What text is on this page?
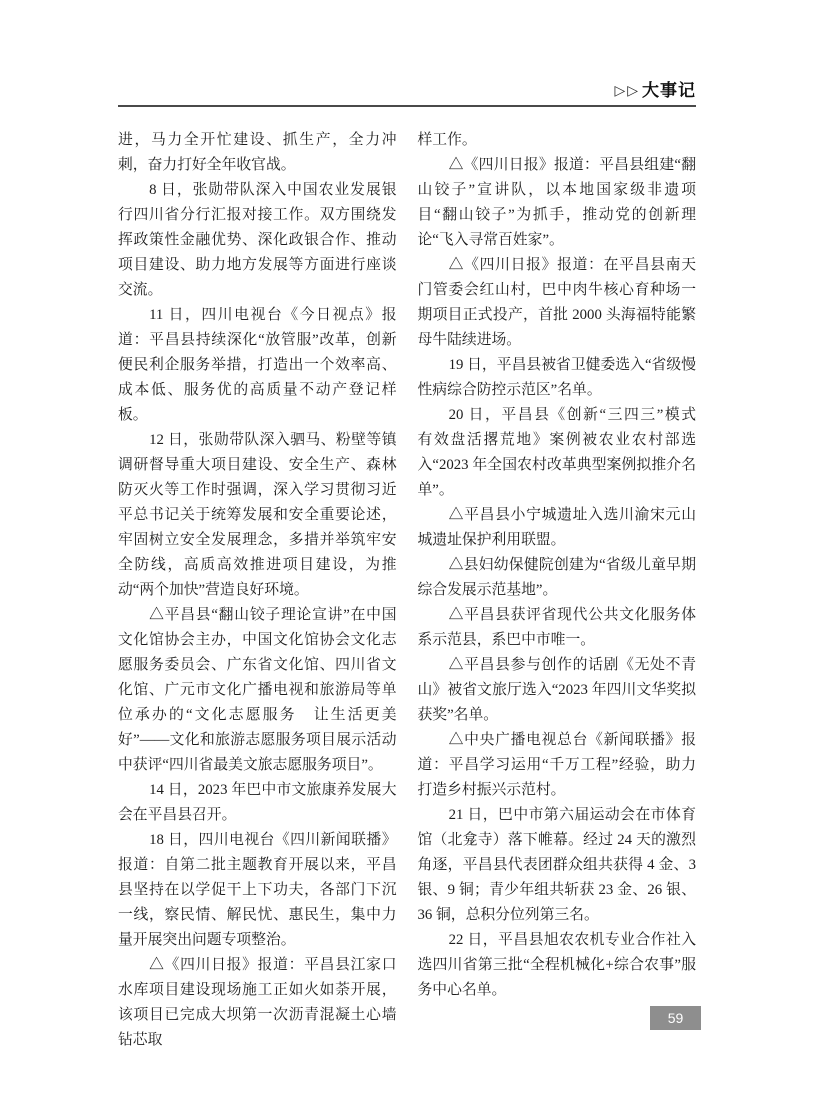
▷▷ 大事记

进，马力全开忙建设、抓生产，全力冲刺，奋力打好全年收官战。

8 日，张勋带队深入中国农业发展银行四川省分行汇报对接工作。双方围绕发挥政策性金融优势、深化政银合作、推动项目建设、助力地方发展等方面进行座谈交流。

11 日，四川电视台《今日视点》报道：平昌县持续深化“放管服”改革，创新便民利企服务举措，打造出一个效率高、成本低、服务优的高质量不动产登记样板。

12 日，张勋带队深入驷马、粉壁等镇调研督导重大项目建设、安全生产、森林防灭火等工作时强调，深入学习贯彻习近平总书记关于统筹发展和安全重要论述，牢固树立安全发展理念，多措并举筑牢安全防线，高质高效推进项目建设，为推动“两个加快”营造良好环境。

△平昌县“翻山铰子理论宣讲”在中国文化馆协会主办，中国文化馆协会文化志愿服务委员会、广东省文化馆、四川省文化馆、广元市文化广播电视和旅游局等单位承办的“文化志愿服务　让生活更美好”——文化和旅游志愿服务项目展示活动中获评“四川省最美文旅志愿服务项目”。

14 日，2023 年巴中市文旅康养发展大会在平昌县召开。

18 日，四川电视台《四川新闻联播》报道：自第二批主题教育开展以来，平昌县坚持在以学促干上下功夫，各部门下沉一线，察民情、解民忧、惠民生，集中力量开展突出问题专项整治。

△《四川日报》报道：平昌县江家口水库项目建设现场施工正如火如荼开展，该项目已完成大坝第一次沥青混凝土心墙钻芯取

样工作。

△《四川日报》报道：平昌县组建“翻山铰子”宣讲队，以本地国家级非遗项目“翻山铰子”为抓手，推动党的创新理论“飞入寻常百姓家”。

△《四川日报》报道：在平昌县南天门管委会红山村，巴中肉牛核心育种场一期项目正式投产，首批 2000 头海福特能繁母牛陆续进场。

19 日，平昌县被省卫健委选入“省级慢性病综合防控示范区”名单。

20 日，平昌县《创新“三四三”模式　有效盘活撂荒地》案例被农业农村部选入“2023 年全国农村改革典型案例拟推介名单”。

△平昌县小宁城遗址入选川渝宋元山城遗址保护利用联盟。

△县妇幼保健院创建为“省级儿童早期综合发展示范基地”。

△平昌县获评省现代公共文化服务体系示范县，系巴中市唯一。

△平昌县参与创作的话剧《无处不青山》被省文旅厅选入“2023 年四川文华奖拟获奖”名单。

△中央广播电视总台《新闻联播》报道：平昌学习运用“千万工程”经验，助力打造乡村振兴示范村。

21 日，巴中市第六届运动会在市体育馆（北龛寺）落下帷幕。经过 24 天的激烈角逐，平昌县代表团群众组共获得 4 金、3 银、9 铜；青少年组共斩获 23 金、26 银、36 铜，总积分位列第三名。

22 日，平昌县旭农农机专业合作社入选四川省第三批“全程机械化+综合农事”服务中心名单。

59
